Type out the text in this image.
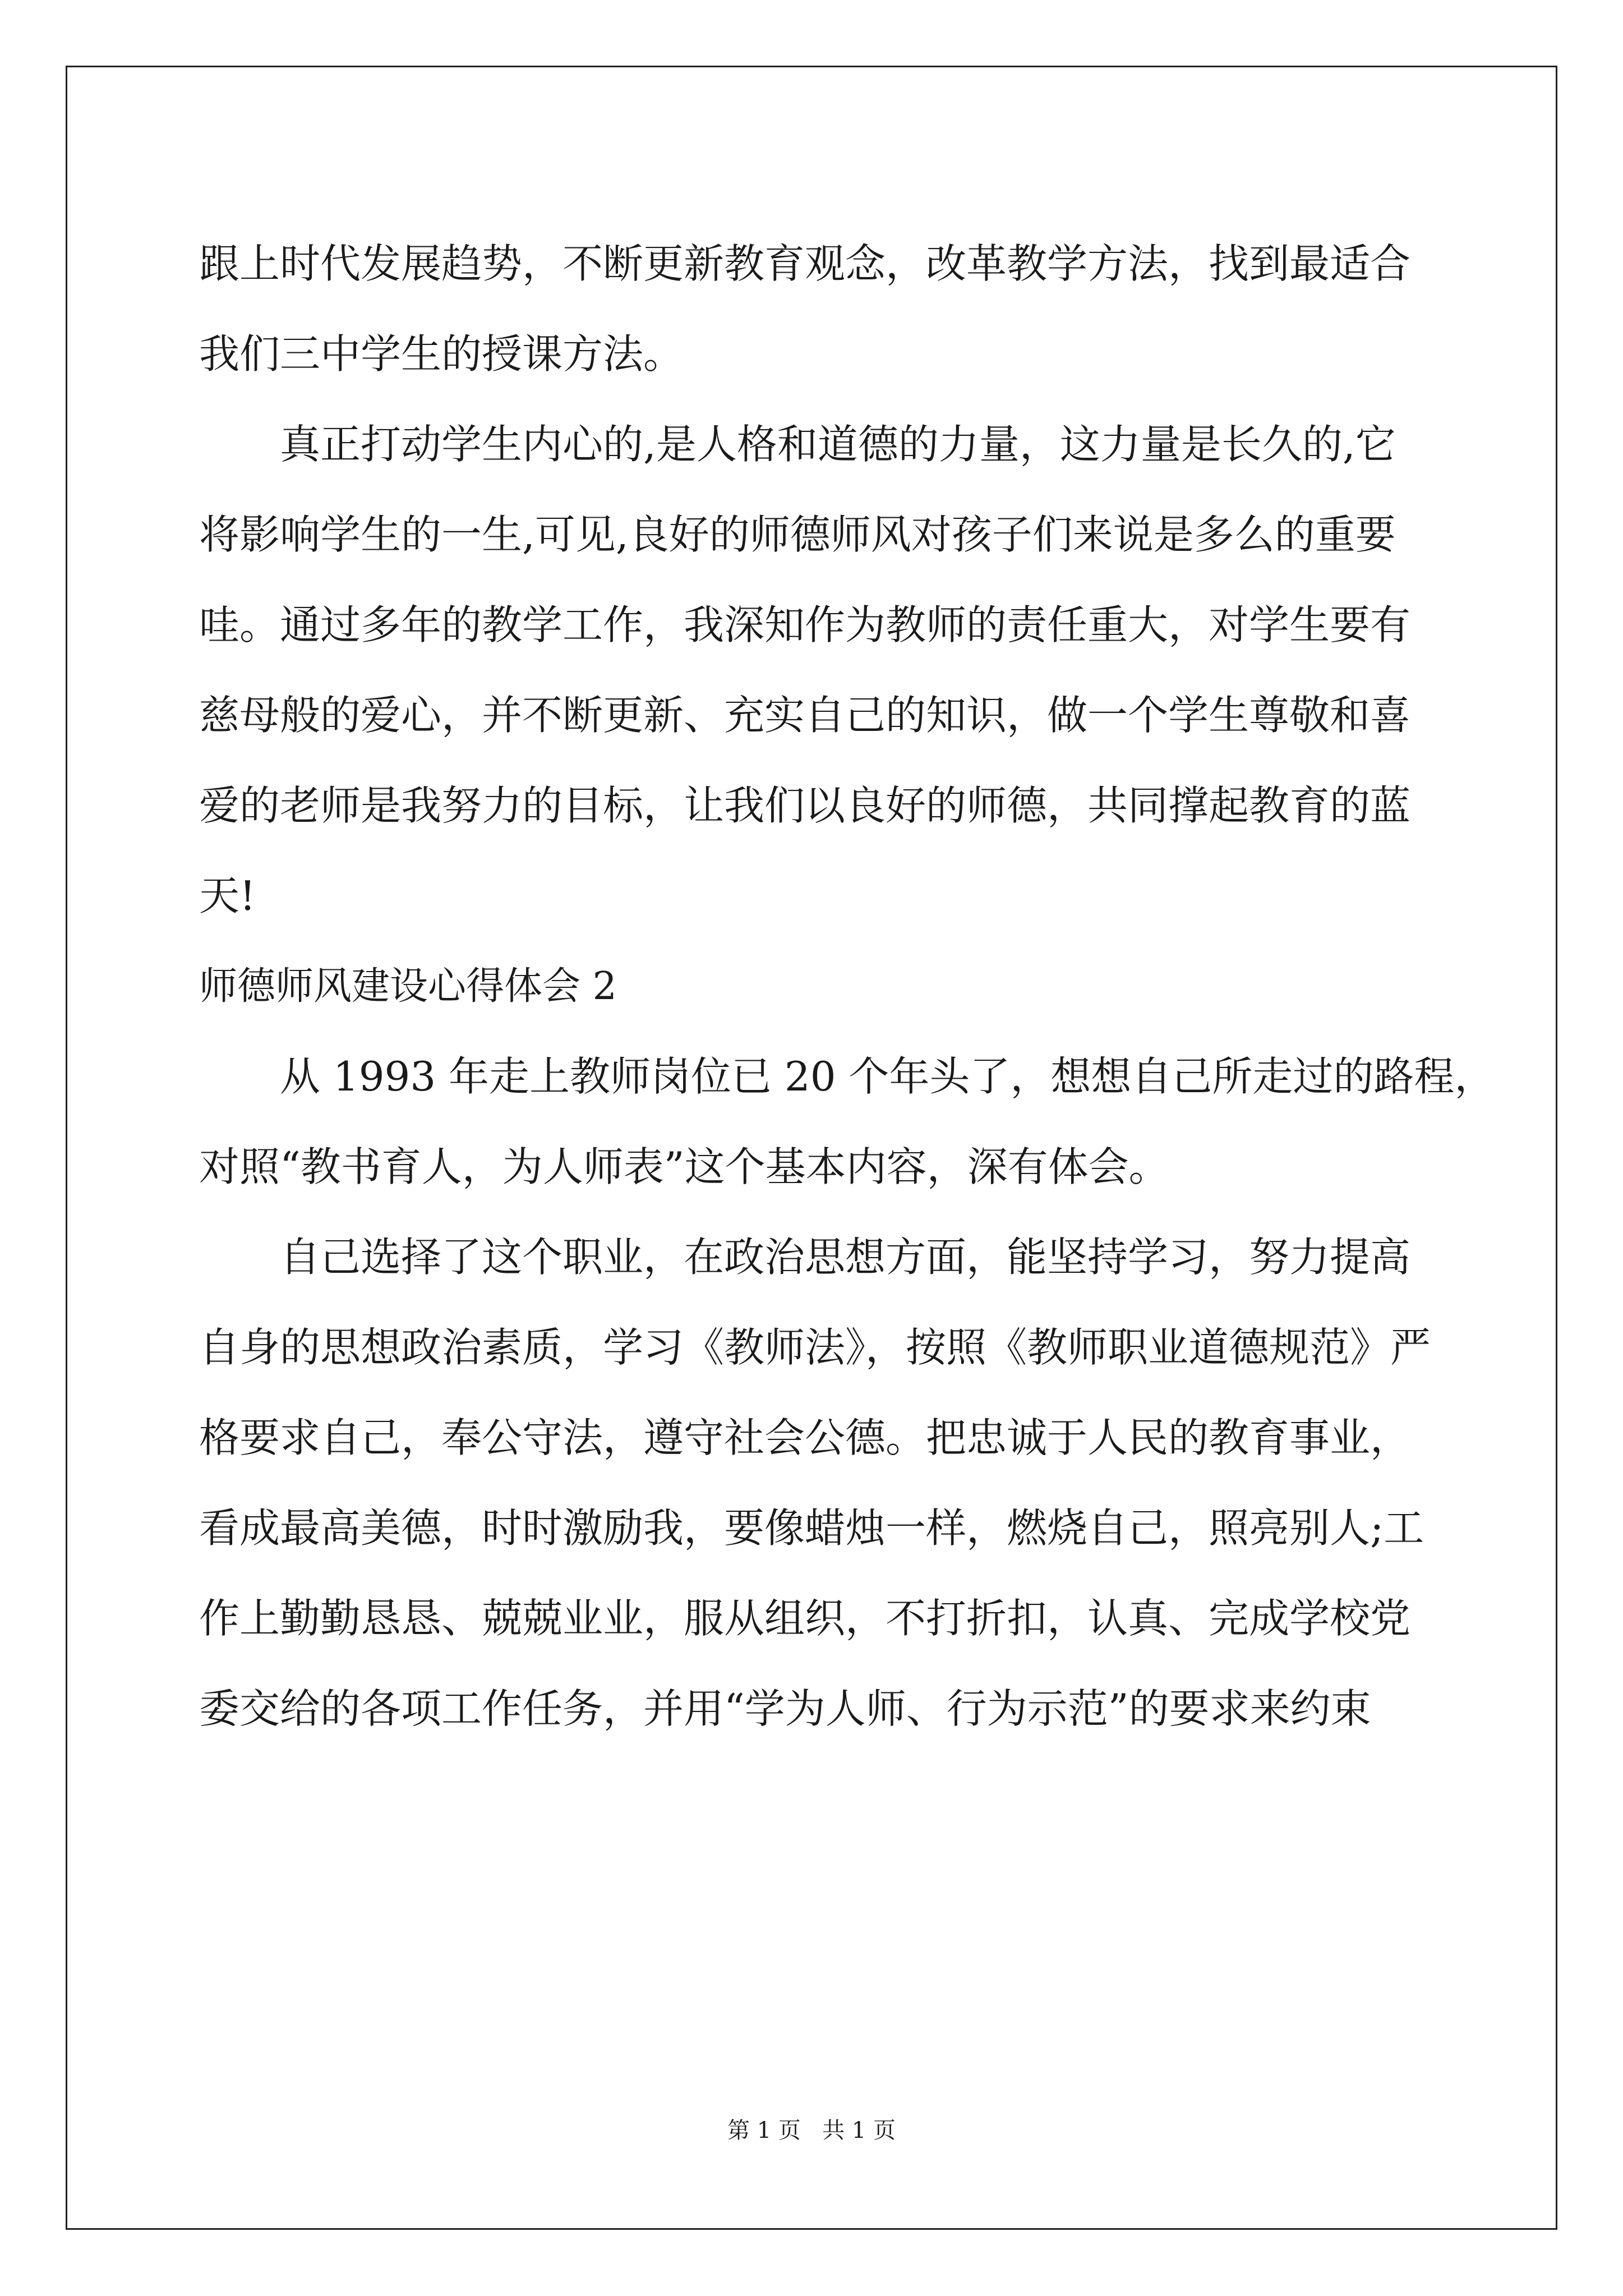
跟上时代发展趋势，不断更新教育观念，改革教学方法，找到最适合
我们三中学生的授课方法。
　　真正打动学生内心的,是人格和道德的力量，这力量是长久的,它
将影响学生的一生,可见,良好的师德师风对孩子们来说是多么的重要
哇。通过多年的教学工作，我深知作为教师的责任重大，对学生要有
慈母般的爱心，并不断更新、充实自己的知识，做一个学生尊敬和喜
爱的老师是我努力的目标，让我们以良好的师德，共同撑起教育的蓝
天!
师德师风建设心得体会 2
　　从 1993 年走上教师岗位已 20 个年头了，想想自己所走过的路程，
对照“教书育人，为人师表”这个基本内容，深有体会。
　　自己选择了这个职业，在政治思想方面，能坚持学习，努力提高
自身的思想政治素质，学习《教师法》，按照《教师职业道德规范》严
格要求自己，奉公守法，遵守社会公德。把忠诚于人民的教育事业，
看成最高美德，时时激励我，要像蜡烛一样，燃烧自己，照亮别人;工
作上勤勤恳恳、兢兢业业，服从组织，不打折扣，认真、完成学校党
委交给的各项工作任务，并用“学为人师、行为示范”的要求来约束
第 1 页   共 1 页
